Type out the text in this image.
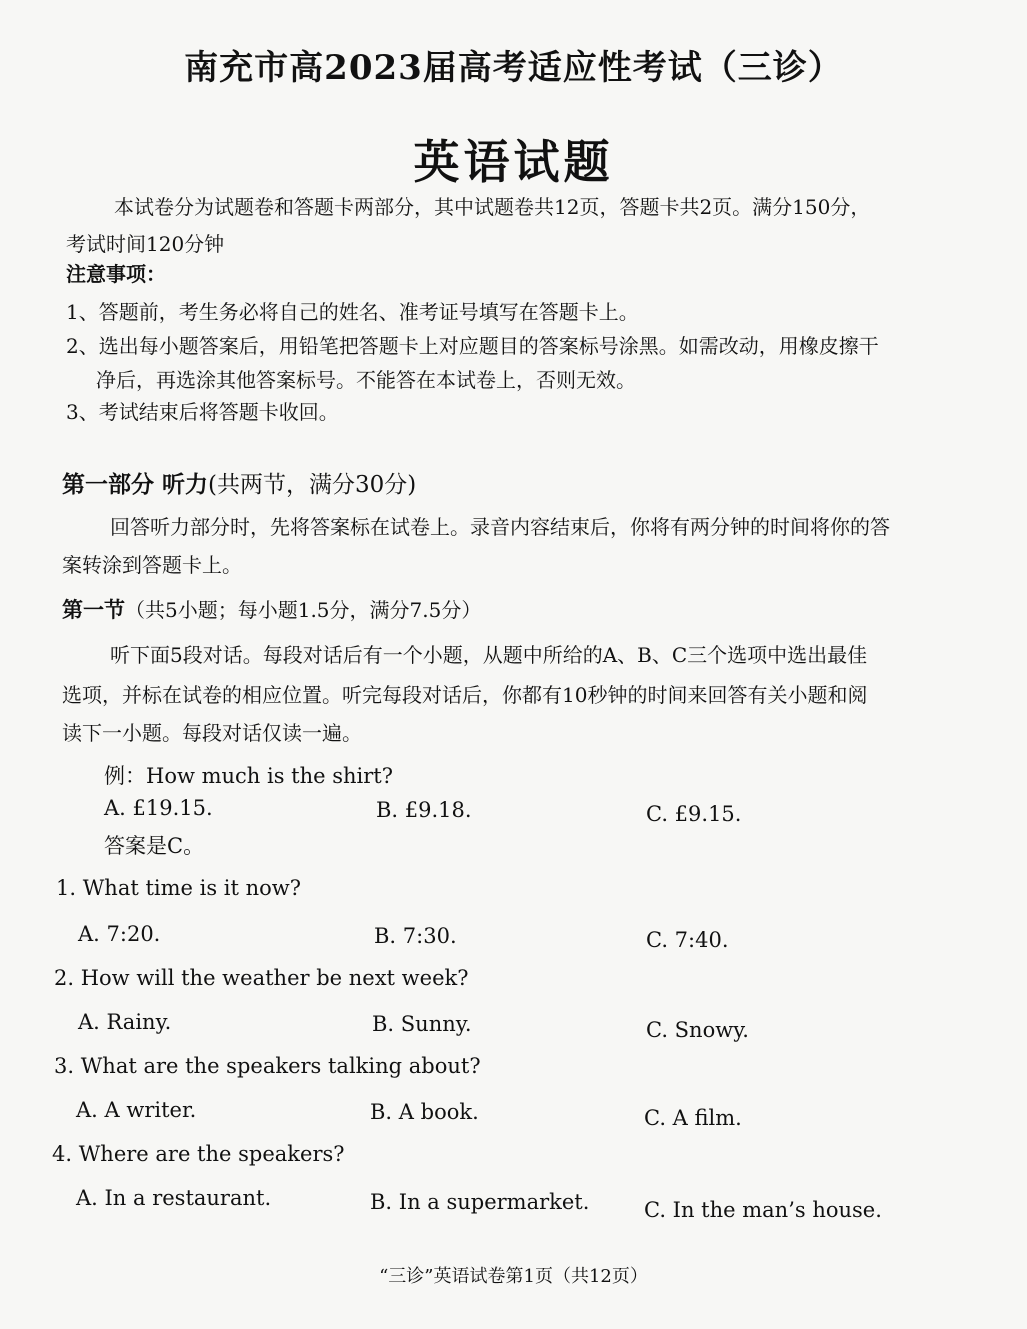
南充市高2023届高考适应性考试（三诊）
英语试题
本试卷分为试题卷和答题卡两部分，其中试题卷共12页，答题卡共2页。满分150分，
考试时间120分钟
注意事项：
1、答题前，考生务必将自己的姓名、准考证号填写在答题卡上。
2、选出每小题答案后，用铅笔把答题卡上对应题目的答案标号涂黑。如需改动，用橡皮擦干
净后，再选涂其他答案标号。不能答在本试卷上，否则无效。
3、考试结束后将答题卡收回。
第一部分 听力(共两节，满分30分)
回答听力部分时，先将答案标在试卷上。录音内容结束后，你将有两分钟的时间将你的答
案转涂到答题卡上。
第一节（共5小题；每小题1.5分，满分7.5分）
听下面5段对话。每段对话后有一个小题，从题中所给的A、B、C三个选项中选出最佳
选项，并标在试卷的相应位置。听完每段对话后，你都有10秒钟的时间来回答有关小题和阅
读下一小题。每段对话仅读一遍。
例：How much is the shirt?
A. £19.15.	B. £9.18.	C. £9.15.
答案是C。
1. What time is it now?
A. 7:20.	B. 7:30.	C. 7:40.
2. How will the weather be next week?
A. Rainy.	B. Sunny.	C. Snowy.
3. What are the speakers talking about?
A. A writer.	B. A book.	C. A film.
4. Where are the speakers?
A. In a restaurant.	B. In a supermarket.	C. In the man’s house.
“三诊”英语试卷第1页（共12页）
